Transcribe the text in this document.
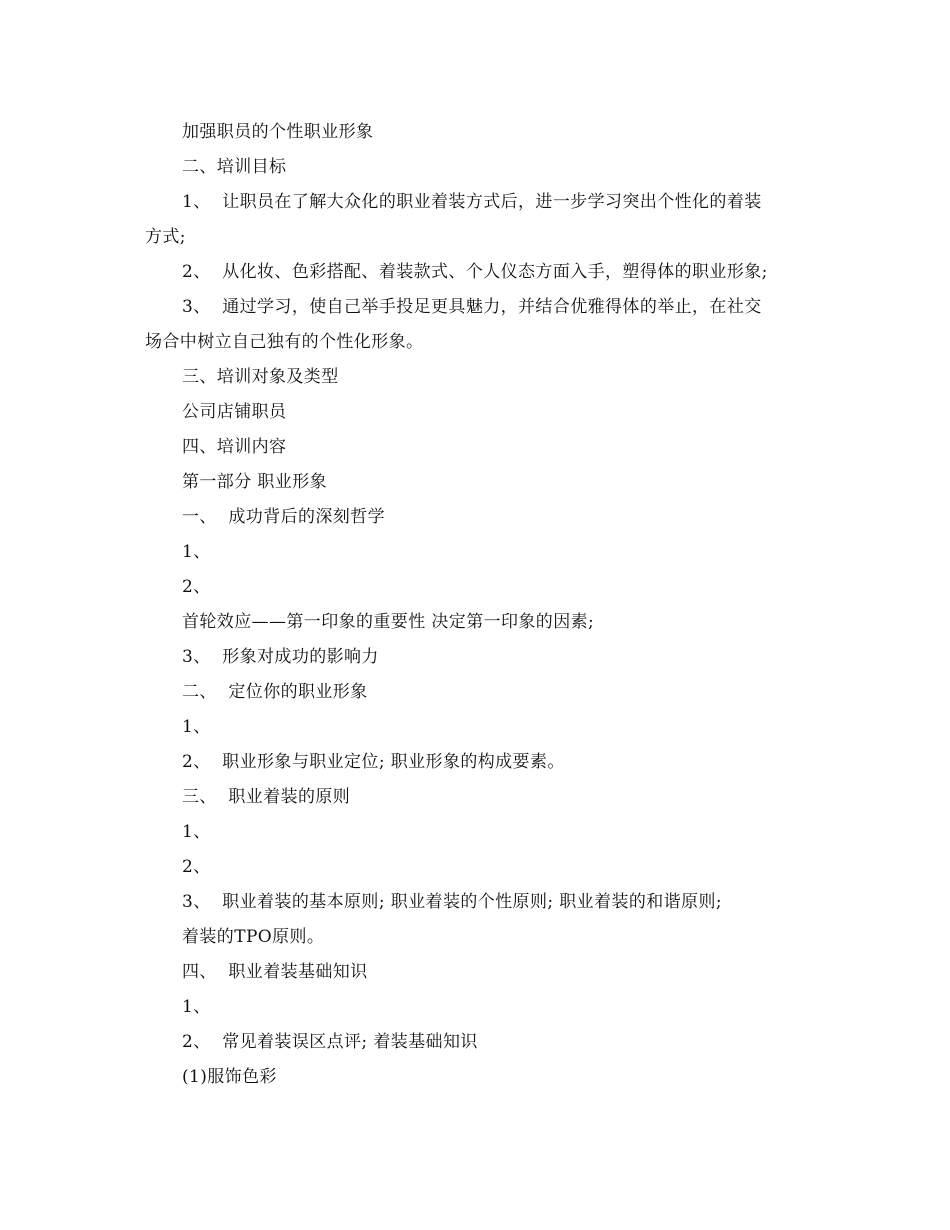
加强职员的个性职业形象
二、培训目标
1、  让职员在了解大众化的职业着装方式后，进一步学习突出个性化的着装
方式;
2、  从化妆、色彩搭配、着装款式、个人仪态方面入手，塑得体的职业形象;
3、  通过学习，使自己举手投足更具魅力，并结合优雅得体的举止，在社交
场合中树立自己独有的个性化形象。
三、培训对象及类型
公司店铺职员
四、培训内容
第一部分 职业形象
一、  成功背后的深刻哲学
1、
2、
首轮效应——第一印象的重要性 决定第一印象的因素;
3、  形象对成功的影响力
二、  定位你的职业形象
1、
2、  职业形象与职业定位; 职业形象的构成要素。
三、  职业着装的原则
1、
2、
3、  职业着装的基本原则; 职业着装的个性原则; 职业着装的和谐原则;
着装的TPO原则。
四、  职业着装基础知识
1、
2、  常见着装误区点评; 着装基础知识
(1)服饰色彩
